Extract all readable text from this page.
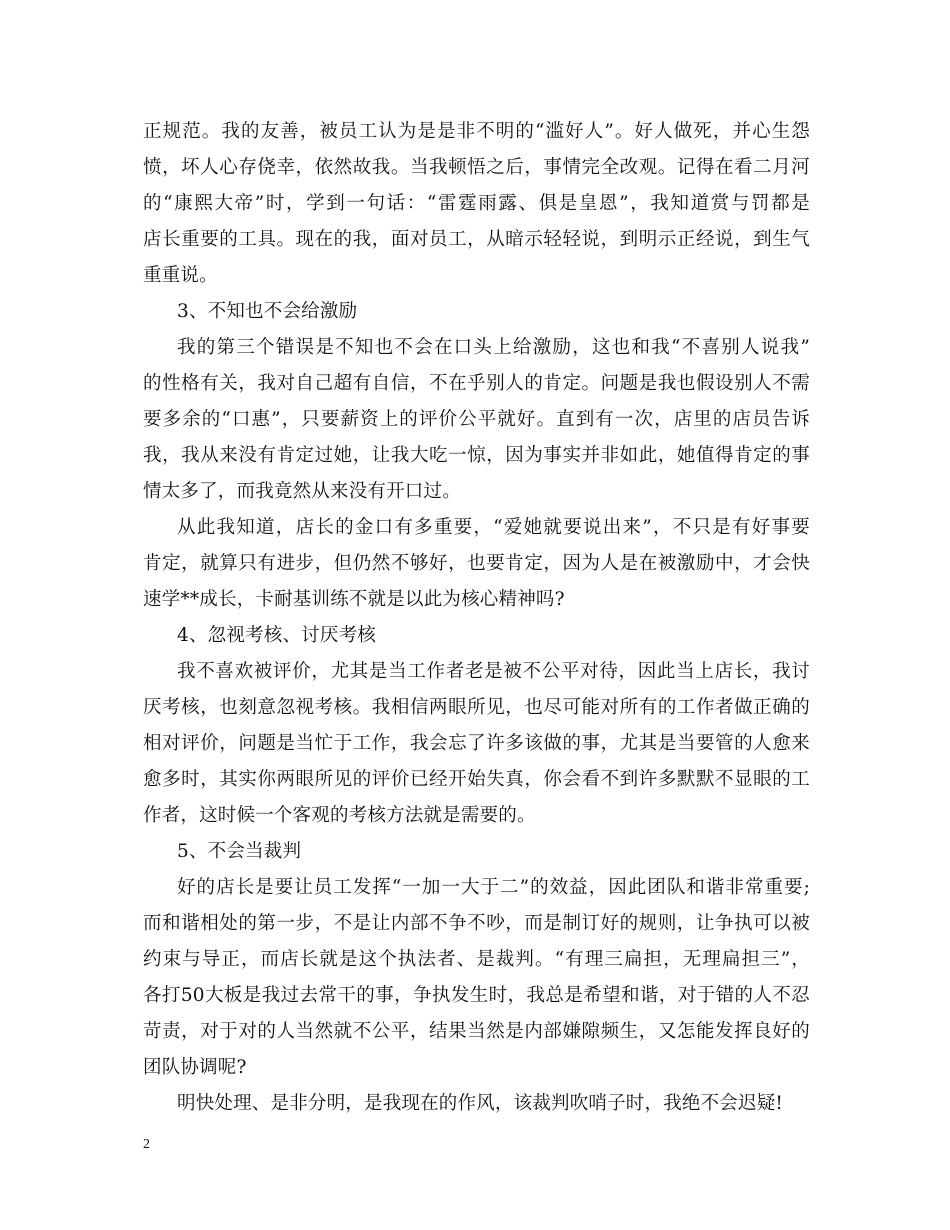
正规范。我的友善，被员工认为是是非不明的“滥好人”。好人做死，并心生怨
愤，坏人心存侥幸，依然故我。当我顿悟之后，事情完全改观。记得在看二月河
的“康熙大帝”时，学到一句话：“雷霆雨露、俱是皇恩”，我知道赏与罚都是
店长重要的工具。现在的我，面对员工，从暗示轻轻说，到明示正经说，到生气
重重说。
3、不知也不会给激励
我的第三个错误是不知也不会在口头上给激励，这也和我“不喜别人说我”
的性格有关，我对自己超有自信，不在乎别人的肯定。问题是我也假设别人不需
要多余的“口惠”，只要薪资上的评价公平就好。直到有一次，店里的店员告诉
我，我从来没有肯定过她，让我大吃一惊，因为事实并非如此，她值得肯定的事
情太多了，而我竟然从来没有开口过。
从此我知道，店长的金口有多重要，“爱她就要说出来”，不只是有好事要
肯定，就算只有进步，但仍然不够好，也要肯定，因为人是在被激励中，才会快
速学**成长，卡耐基训练不就是以此为核心精神吗?
4、忽视考核、讨厌考核
我不喜欢被评价，尤其是当工作者老是被不公平对待，因此当上店长，我讨
厌考核，也刻意忽视考核。我相信两眼所见，也尽可能对所有的工作者做正确的
相对评价，问题是当忙于工作，我会忘了许多该做的事，尤其是当要管的人愈来
愈多时，其实你两眼所见的评价已经开始失真，你会看不到许多默默不显眼的工
作者，这时候一个客观的考核方法就是需要的。
5、不会当裁判
好的店长是要让员工发挥“一加一大于二”的效益，因此团队和谐非常重要;
而和谐相处的第一步，不是让内部不争不吵，而是制订好的规则，让争执可以被
约束与导正，而店长就是这个执法者、是裁判。“有理三扁担，无理扁担三”，
各打50大板是我过去常干的事，争执发生时，我总是希望和谐，对于错的人不忍
苛责，对于对的人当然就不公平，结果当然是内部嫌隙频生，又怎能发挥良好的
团队协调呢?
明快处理、是非分明，是我现在的作风，该裁判吹哨子时，我绝不会迟疑!
2
